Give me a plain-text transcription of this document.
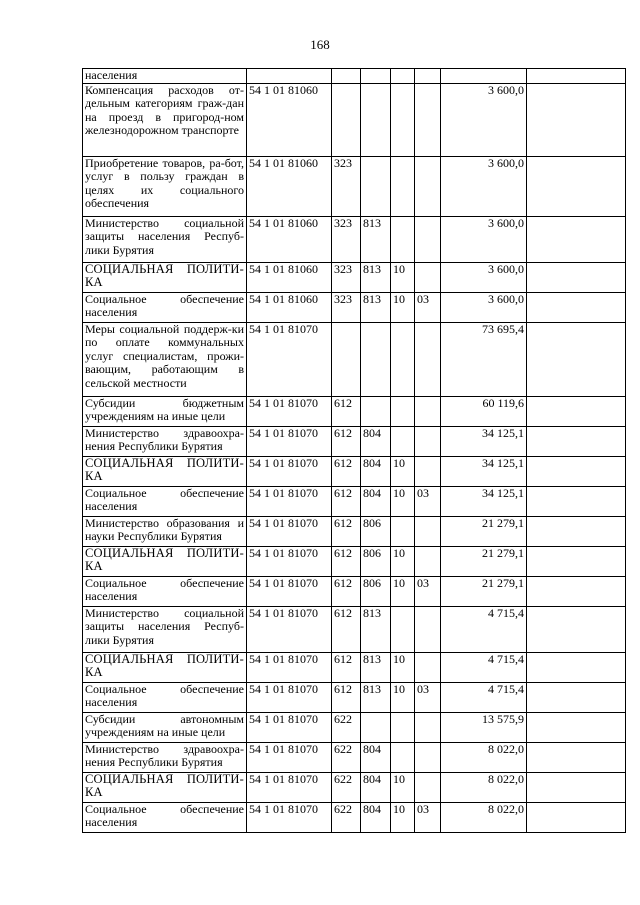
168
населения							
Компенсация расходов от-дельным категориям граж-дан на проезд в пригород-ном железнодорожном транспорте	54 1 01 81060					3 600,0	
Приобретение товаров, ра-бот, услуг в пользу граждан в целях их социального обеспечения	54 1 01 81060	323				3 600,0	
Министерство социальной защиты населения Респуб-лики Бурятия	54 1 01 81060	323	813			3 600,0	
СОЦИАЛЬНАЯ ПОЛИТИ-КА	54 1 01 81060	323	813	10		3 600,0	
Социальное обеспечение населения	54 1 01 81060	323	813	10	03	3 600,0	
Меры социальной поддерж-ки по оплате коммунальных услуг специалистам, прожи-вающим, работающим в сельской местности	54 1 01 81070					73 695,4	
Субсидии бюджетным учреждениям на иные цели	54 1 01 81070	612				60 119,6	
Министерство здравоохра-нения Республики Бурятия	54 1 01 81070	612	804			34 125,1	
СОЦИАЛЬНАЯ ПОЛИТИ-КА	54 1 01 81070	612	804	10		34 125,1	
Социальное обеспечение населения	54 1 01 81070	612	804	10	03	34 125,1	
Министерство образования и науки Республики Бурятия	54 1 01 81070	612	806			21 279,1	
СОЦИАЛЬНАЯ ПОЛИТИ-КА	54 1 01 81070	612	806	10		21 279,1	
Социальное обеспечение населения	54 1 01 81070	612	806	10	03	21 279,1	
Министерство социальной защиты населения Респуб-лики Бурятия	54 1 01 81070	612	813			4 715,4	
СОЦИАЛЬНАЯ ПОЛИТИ-КА	54 1 01 81070	612	813	10		4 715,4	
Социальное обеспечение населения	54 1 01 81070	612	813	10	03	4 715,4	
Субсидии автономным учреждениям на иные цели	54 1 01 81070	622				13 575,9	
Министерство здравоохра-нения Республики Бурятия	54 1 01 81070	622	804			8 022,0	
СОЦИАЛЬНАЯ ПОЛИТИ-КА	54 1 01 81070	622	804	10		8 022,0	
Социальное обеспечение населения	54 1 01 81070	622	804	10	03	8 022,0	
